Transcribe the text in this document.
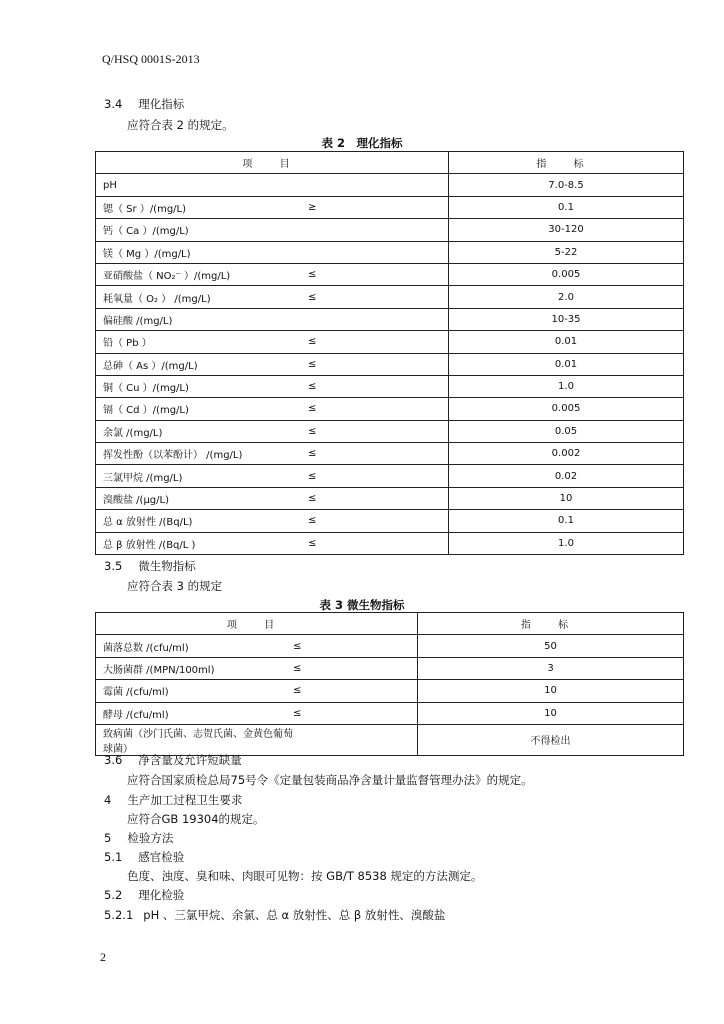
Q/HSQ 0001S-2013
3.4 理化指标
应符合表 2 的规定。
表 2　理化指标
项 目	指 标

pH	7.0-8.5

锶（ Sr ）/(mg/L) ≥	0.1

钙（ Ca ）/(mg/L)	30-120

镁（ Mg ）/(mg/L)	5-22

亚硝酸盐（ NO₂⁻ ）/(mg/L) ≤	0.005

耗氧量（ O₂ ） /(mg/L) ≤	2.0

偏硅酸 /(mg/L)	10-35

铅（ Pb ） ≤	0.01

总砷（ As ）/(mg/L) ≤	0.01

铜（ Cu ）/(mg/L) ≤	1.0

镉（ Cd ）/(mg/L) ≤	0.005

余氯 /(mg/L) ≤	0.05

挥发性酚（以苯酚计） /(mg/L) ≤	0.002

三氯甲烷 /(mg/L) ≤	0.02

溴酸盐 /(μg/L) ≤	10

总 α 放射性 /(Bq/L) ≤	0.1

总 β 放射性 /(Bq/L ) ≤	1.0
3.5 微生物指标
应符合表 3 的规定
表 3 微生物指标
项 目	指 标

菌落总数 /(cfu/ml) ≤	50

大肠菌群 /(MPN/100ml) ≤	3

霉菌 /(cfu/ml) ≤	10

酵母 /(cfu/ml) ≤	10

致病菌（沙门氏菌、志贺氏菌、金黄色葡萄球菌）	不得检出
3.6 净含量及允许短缺量
应符合国家质检总局75号令《定量包装商品净含量计量监督管理办法》的规定。
4 生产加工过程卫生要求
应符合GB 19304的规定。
5 检验方法
5.1 感官检验
色度、浊度、臭和味、肉眼可见物：按 GB/T 8538 规定的方法测定。
5.2 理化检验
5.2.1 pH 、三氯甲烷、余氯、总 α 放射性、总 β 放射性、溴酸盐
2
